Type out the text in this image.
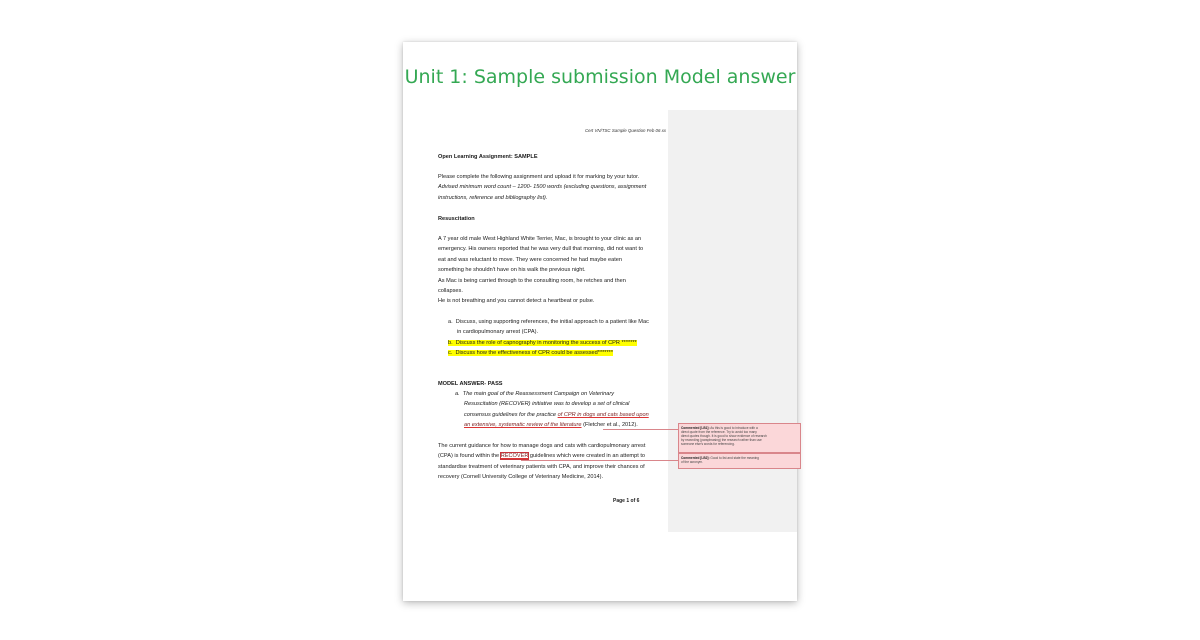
Unit 1: Sample submission Model answer
Cert VN/TSC Sample Question Feb 06 xx
Open Learning Assignment: SAMPLE
Please complete the following assignment and upload it for marking by your tutor.
Advised minimum word count – 1200- 1500 words (excluding questions, assignment
instructions, reference and bibliography list).
Resuscitation
A 7 year old male West Highland White Terrier, Mac, is brought to your clinic as an
emergency. His owners reported that he was very dull that morning, did not want to
eat and was reluctant to move. They were concerned he had maybe eaten
something he shouldn't have on his walk the previous night.
As Mac is being carried through to the consulting room, he retches and then
collapses.
He is not breathing and you cannot detect a heartbeat or pulse.
a. Discuss, using supporting references, the initial approach to a patient like Mac
in cardiopulmonary arrest (CPA).
b. Discuss the role of capnography in monitoring the success of CPR *******
c. Discuss how the effectiveness of CPR could be assessed*******
MODEL ANSWER- PASS
a. The main goal of the Reassessment Campaign on Veterinary
Resuscitation (RECOVER) initiative was to develop a set of clinical
consensus guidelines for the practice of CPR in dogs and cats based upon
an extensive, systematic review of the literature (Fletcher et al., 2012).
The current guidance for how to manage dogs and cats with cardiopulmonary arrest
(CPA) is found within the RECOVER guidelines which were created in an attempt to
standardise treatment of veterinary patients with CPA, and improve their chances of
recovery (Cornell University College of Veterinary Medicine, 2014).
Page 1 of 6
Commented [LB1]: As this is good to introduce with a
direct quote from the reference. Try to avoid too many
direct quotes though. It is good to show evidence of research
by rewording (paraphrasing) the research rather than use
someone else's words for referencing.
Commented [LB2]: Good to list and state the meaning
of the acronym.
